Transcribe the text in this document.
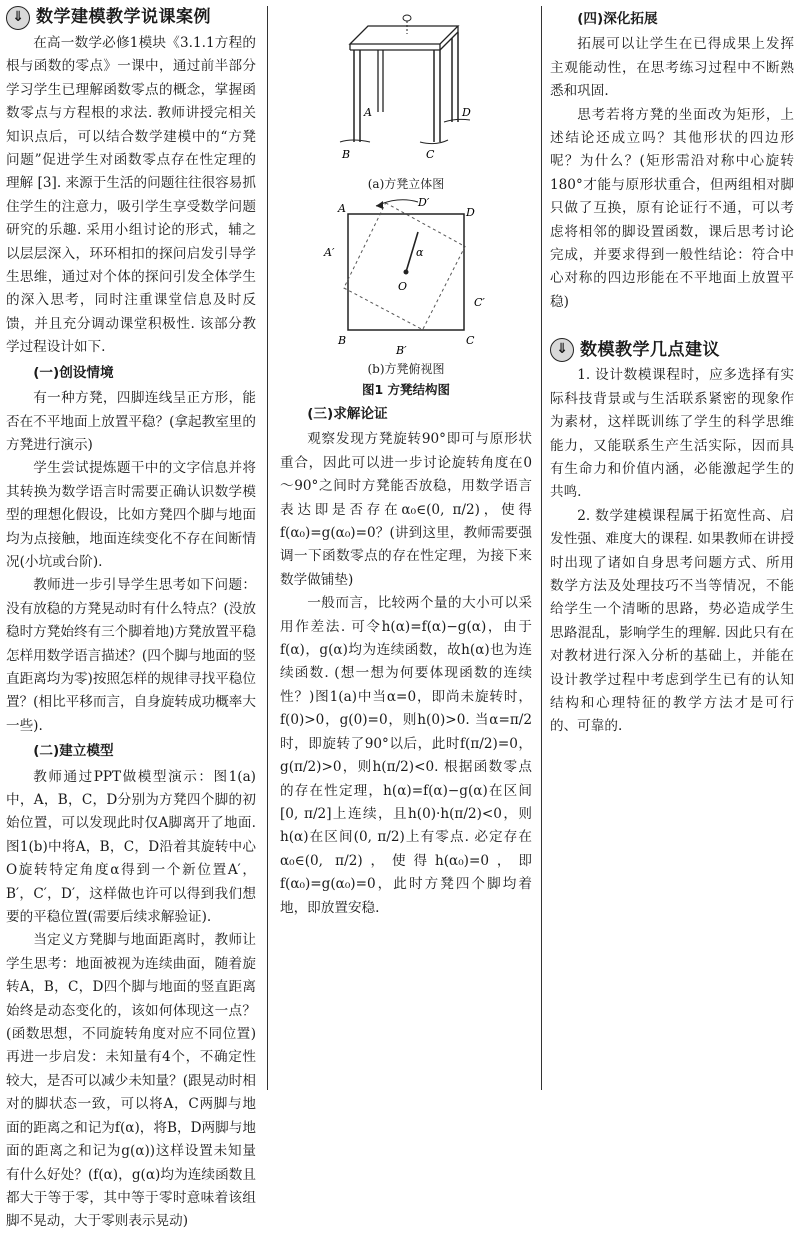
⇓ 数学建模教学说课案例

在高一数学必修1模块《3.1.1方程的根与函数的零点》一课中，通过前半部分学习学生已理解函数零点的概念，掌握函数零点与方程根的求法. 教师讲授完相关知识点后，可以结合数学建模中的“方凳问题”促进学生对函数零点存在性定理的理解 [3]. 来源于生活的问题往往很容易抓住学生的注意力，吸引学生享受数学问题研究的乐趣. 采用小组讨论的形式，辅之以层层深入，环环相扣的探问启发引导学生思维，通过对个体的探问引发全体学生的深入思考，同时注重课堂信息及时反馈，并且充分调动课堂积极性. 该部分教学过程设计如下.

(一)创设情境

有一种方凳，四脚连线呈正方形，能否在不平地面上放置平稳？(拿起教室里的方凳进行演示)

学生尝试提炼题干中的文字信息并将其转换为数学语言时需要正确认识数学模型的理想化假设，比如方凳四个脚与地面均为点接触，地面连续变化不存在间断情况(小坑或台阶).

教师进一步引导学生思考如下问题：没有放稳的方凳晃动时有什么特点？(没放稳时方凳始终有三个脚着地)方凳放置平稳怎样用数学语言描述？(四个脚与地面的竖直距离均为零)按照怎样的规律寻找平稳位置？(相比平移而言，自身旋转成功概率大一些).

(二)建立模型

教师通过PPT做模型演示：图1(a)中，A，B，C，D分别为方凳四个脚的初始位置，可以发现此时仅A脚离开了地面. 图1(b)中将A，B，C，D沿着其旋转中心O旋转特定角度α得到一个新位置A′，B′，C′，D′，这样做也许可以得到我们想要的平稳位置(需要后续求解验证).

当定义方凳脚与地面距离时，教师让学生思考：地面被视为连续曲面，随着旋转A，B，C，D四个脚与地面的竖直距离始终是动态变化的，该如何体现这一点？(函数思想，不同旋转角度对应不同位置)再进一步启发：未知量有4个，不确定性较大，是否可以减少未知量？(跟晃动时相对的脚状态一致，可以将A，C两脚与地面的距离之和记为f(α)，将B，D两脚与地面的距离之和记为g(α))这样设置未知量有什么好处？(f(α)，g(α)均为连续函数且都大于等于零，其中等于零时意味着该组脚不晃动，大于零则表示晃动)

A
B	C
D
(a)方凳立体图
A	D
B	C
D′
A′
C′
B′
O
α
(b)方凳俯视图
图1 方凳结构图
(三)求解论证

观察发现方凳旋转90°即可与原形状重合，因此可以进一步讨论旋转角度在0～90°之间时方凳能否放稳，用数学语言表达即是否存在α₀∈(0, π/2)，使得f(α₀)=g(α₀)=0？(讲到这里，教师需要强调一下函数零点的存在性定理，为接下来数学做铺垫)

一般而言，比较两个量的大小可以采用作差法. 可令h(α)=f(α)−g(α)，由于f(α)，g(α)均为连续函数，故h(α)也为连续函数. (想一想为何要体现函数的连续性？)图1(a)中当α=0，即尚未旋转时，f(0)>0，g(0)=0，则h(0)>0. 当α=π/2时，即旋转了90°以后，此时f(π/2)=0，g(π/2)>0，则h(π/2)<0. 根据函数零点的存在性定理，h(α)=f(α)−g(α)在区间[0, π/2]上连续，且h(0)·h(π/2)<0，则h(α)在区间(0, π/2)上有零点. 必定存在α₀∈(0, π/2)，使得h(α₀)=0，即f(α₀)=g(α₀)=0，此时方凳四个脚均着地，即放置安稳.

(四)深化拓展

拓展可以让学生在已得成果上发挥主观能动性，在思考练习过程中不断熟悉和巩固.

思考若将方凳的坐面改为矩形，上述结论还成立吗？其他形状的四边形呢？为什么？(矩形需沿对称中心旋转180°才能与原形状重合，但两组相对脚只做了互换，原有论证行不通，可以考虑将相邻的脚设置函数，课后思考讨论完成，并要求得到一般性结论：符合中心对称的四边形能在不平地面上放置平稳)

⇓ 数模教学几点建议

1. 设计数模课程时，应多选择有实际科技背景或与生活联系紧密的现象作为素材，这样既训练了学生的科学思维能力，又能联系生产生活实际，因而具有生命力和价值内涵，必能激起学生的共鸣.

2. 数学建模课程属于拓宽性高、启发性强、难度大的课程. 如果教师在讲授时出现了诸如自身思考问题方式、所用数学方法及处理技巧不当等情况，不能给学生一个清晰的思路，势必造成学生思路混乱，影响学生的理解. 因此只有在对教材进行深入分析的基础上，并能在设计教学过程中考虑到学生已有的认知结构和心理特征的教学方法才是可行的、可靠的.
